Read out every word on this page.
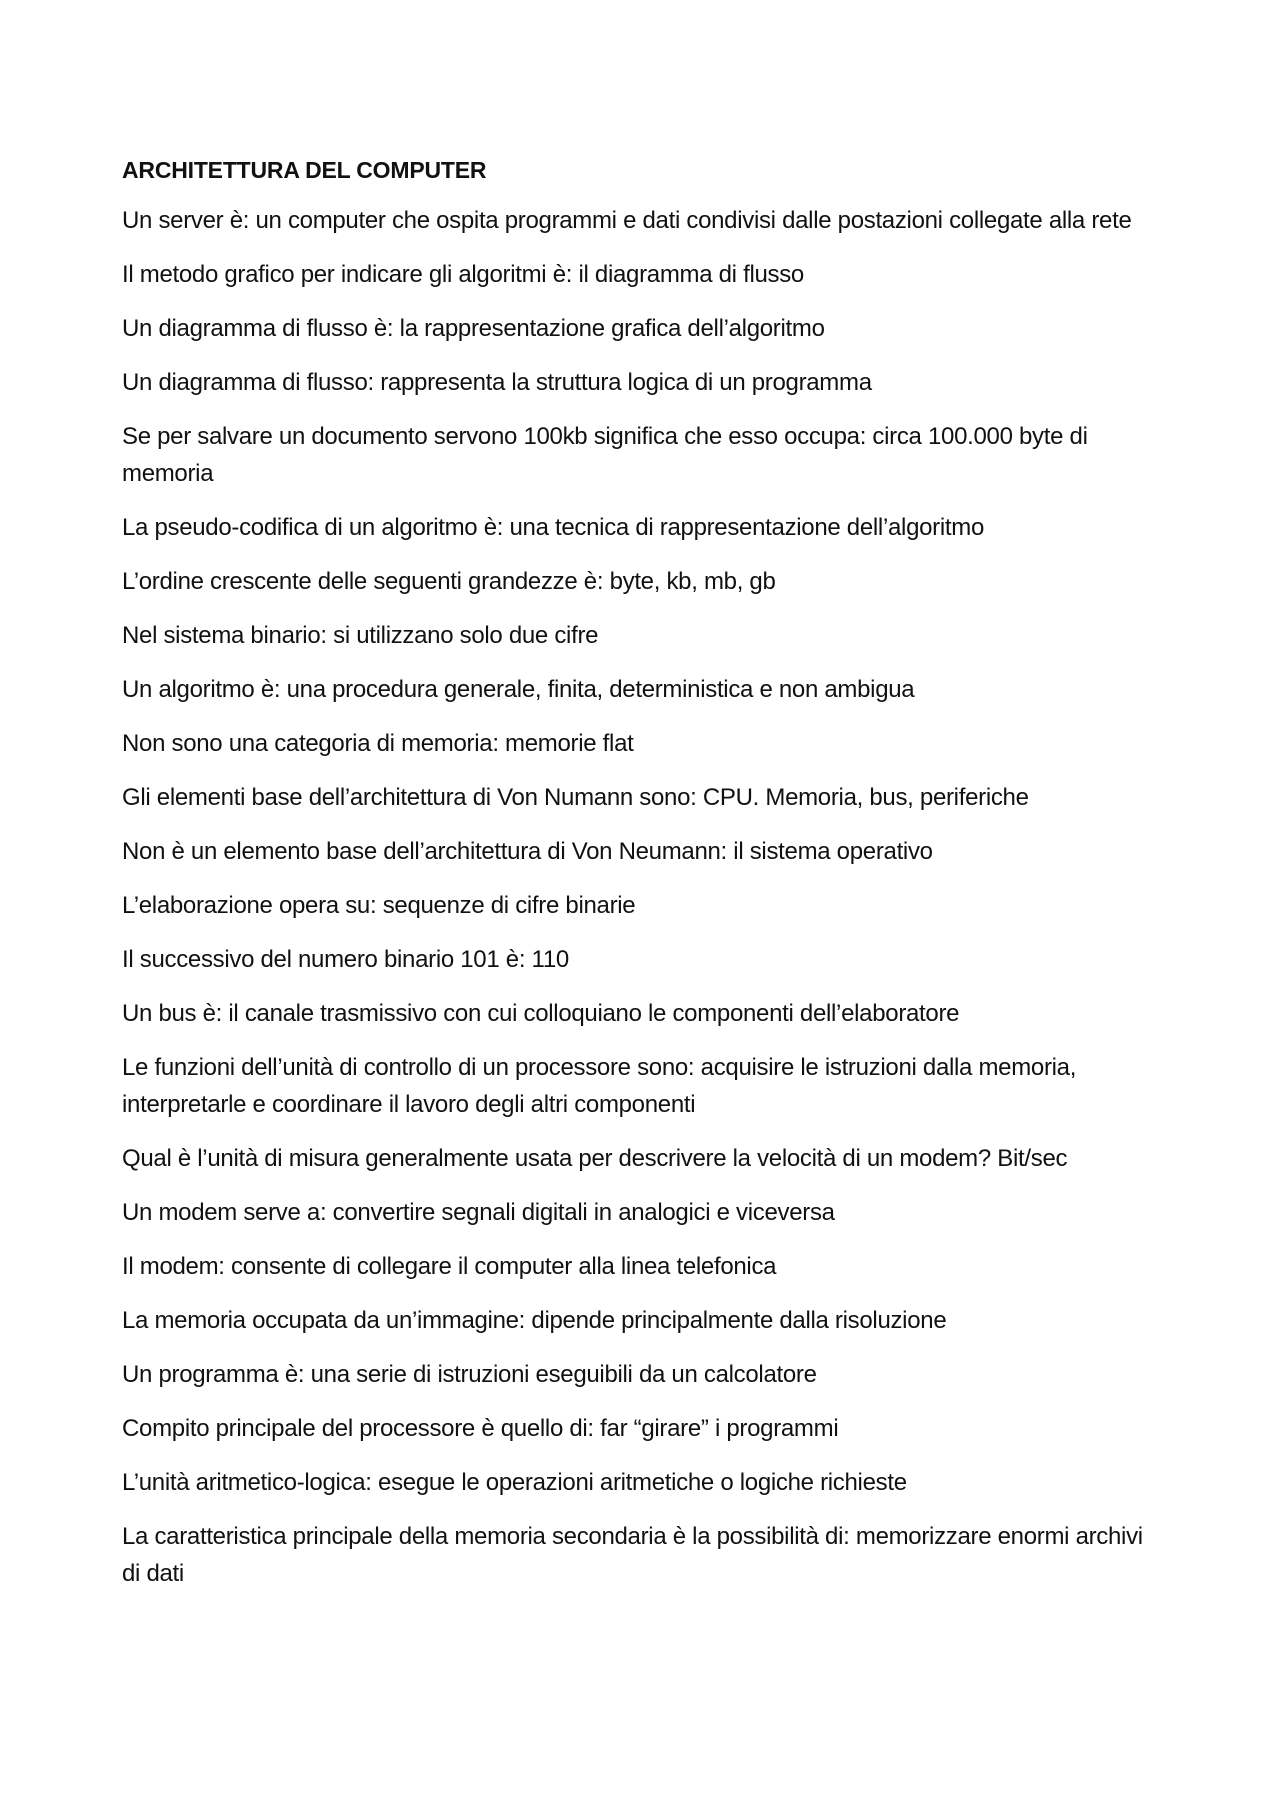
ARCHITETTURA DEL COMPUTER

Un server è: un computer che ospita programmi e dati condivisi dalle postazioni collegate alla rete

Il metodo grafico per indicare gli algoritmi è: il diagramma di flusso

Un diagramma di flusso è: la rappresentazione grafica dell’algoritmo

Un diagramma di flusso: rappresenta la struttura logica di un programma

Se per salvare un documento servono 100kb significa che esso occupa: circa 100.000 byte di memoria

La pseudo-codifica di un algoritmo è: una tecnica di rappresentazione dell’algoritmo

L’ordine crescente delle seguenti grandezze è: byte, kb, mb, gb

Nel sistema binario: si utilizzano solo due cifre

Un algoritmo è: una procedura generale, finita, deterministica e non ambigua

Non sono una categoria di memoria: memorie flat

Gli elementi base dell’architettura di Von Numann sono: CPU. Memoria, bus, periferiche

Non è un elemento base dell’architettura di Von Neumann: il sistema operativo

L’elaborazione opera su: sequenze di cifre binarie

Il successivo del numero binario 101 è: 110

Un bus è: il canale trasmissivo con cui colloquiano le componenti dell’elaboratore

Le funzioni dell’unità di controllo di un processore sono: acquisire le istruzioni dalla memoria, interpretarle e coordinare il lavoro degli altri componenti

Qual è l’unità di misura generalmente usata per descrivere la velocità di un modem? Bit/sec

Un modem serve a: convertire segnali digitali in analogici e viceversa

Il modem: consente di collegare il computer alla linea telefonica

La memoria occupata da un’immagine: dipende principalmente dalla risoluzione

Un programma è: una serie di istruzioni eseguibili da un calcolatore

Compito principale del processore è quello di: far “girare” i programmi

L’unità aritmetico-logica: esegue le operazioni aritmetiche o logiche richieste

La caratteristica principale della memoria secondaria è la possibilità di: memorizzare enormi archivi di dati
